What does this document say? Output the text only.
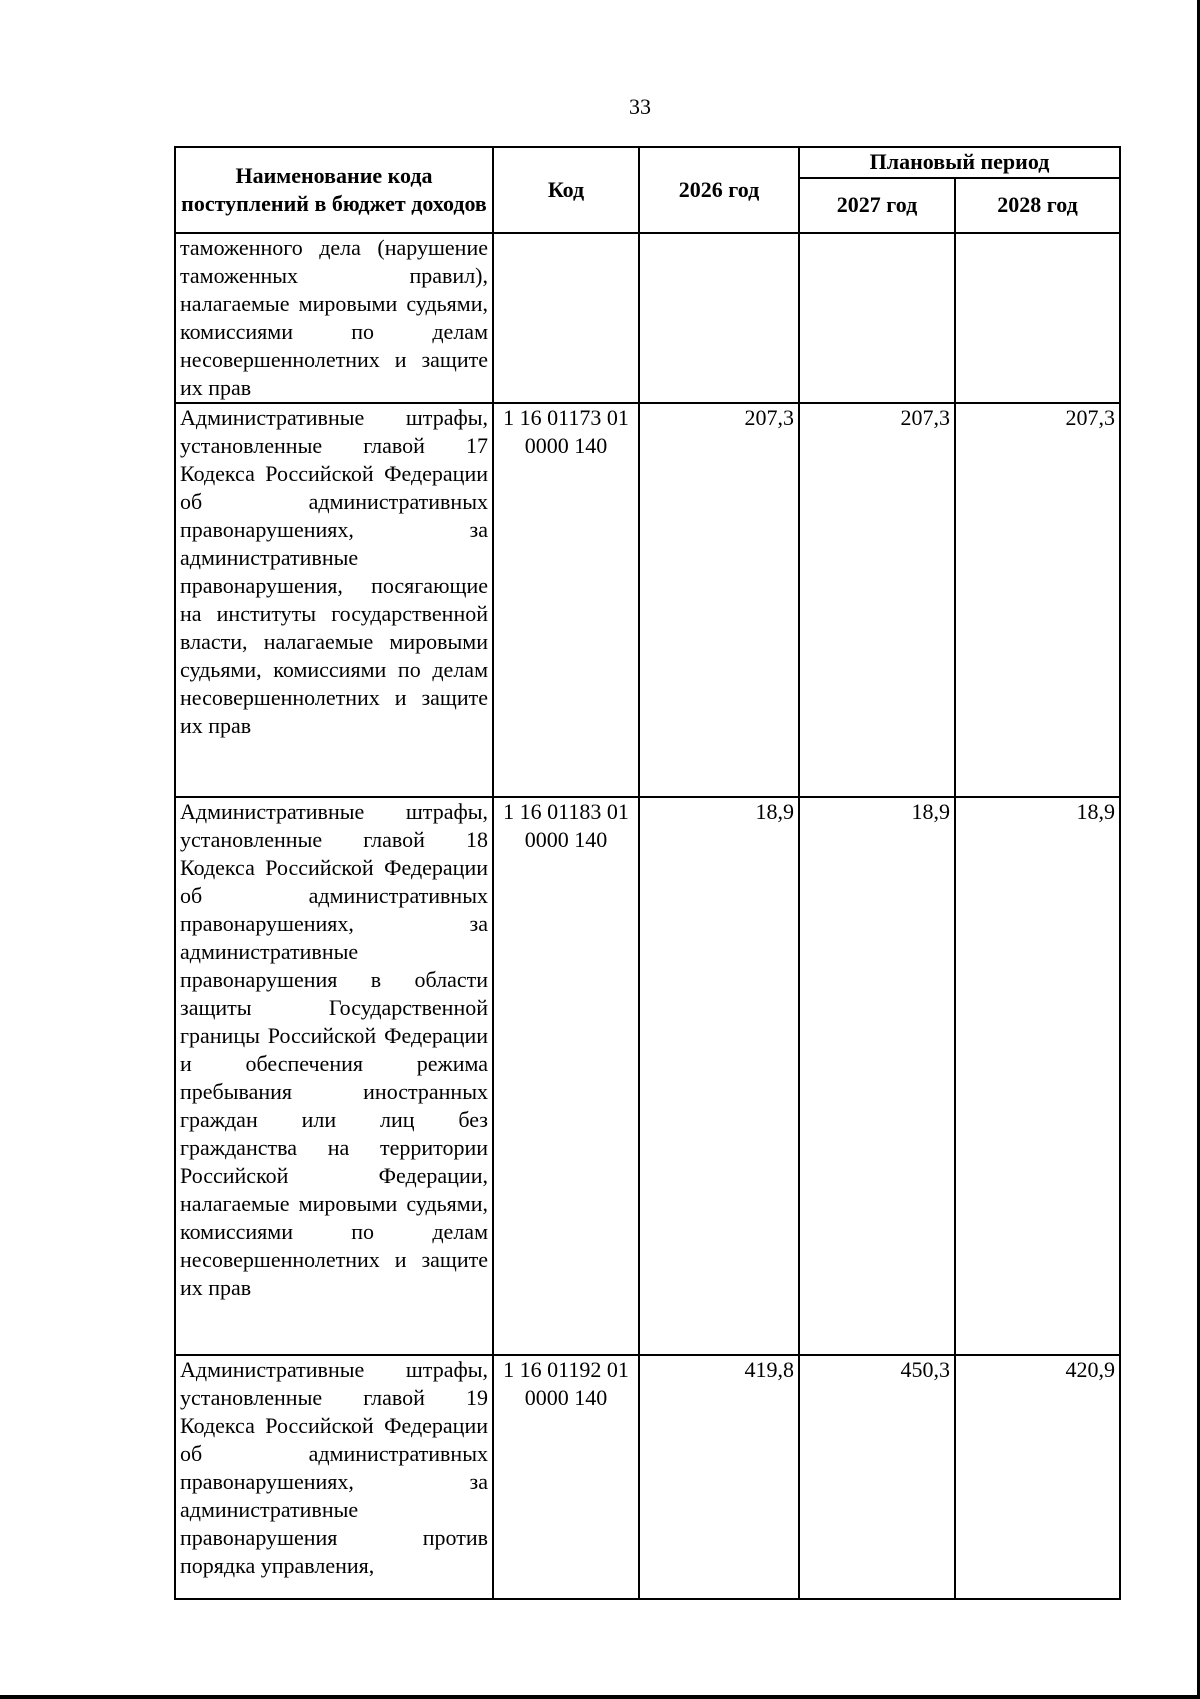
33
Наименование кода поступлений в бюджет доходов	Код	2026 год	Плановый период	
			2027 год	2028 год
таможенного дела (нарушение таможенных правил), налагаемые мировыми судьями, комиссиями по делам несовершеннолетних и защите их прав				
Административные штрафы, установленные главой 17 Кодекса Российской Федерации об административных правонарушениях, за административные правонарушения, посягающие на институты государственной власти, налагаемые мировыми судьями, комиссиями по делам несовершеннолетних и защите их прав	1 16 01173 01 0000 140	207,3	207,3	207,3
Административные штрафы, установленные главой 18 Кодекса Российской Федерации об административных правонарушениях, за административные правонарушения в области защиты Государственной границы Российской Федерации и обеспечения режима пребывания иностранных граждан или лиц без гражданства на территории Российской Федерации, налагаемые мировыми судьями, комиссиями по делам несовершеннолетних и защите их прав	1 16 01183 01 0000 140	18,9	18,9	18,9
Административные штрафы, установленные главой 19 Кодекса Российской Федерации об административных правонарушениях, за административные правонарушения против порядка управления,	1 16 01192 01 0000 140	419,8	450,3	420,9
